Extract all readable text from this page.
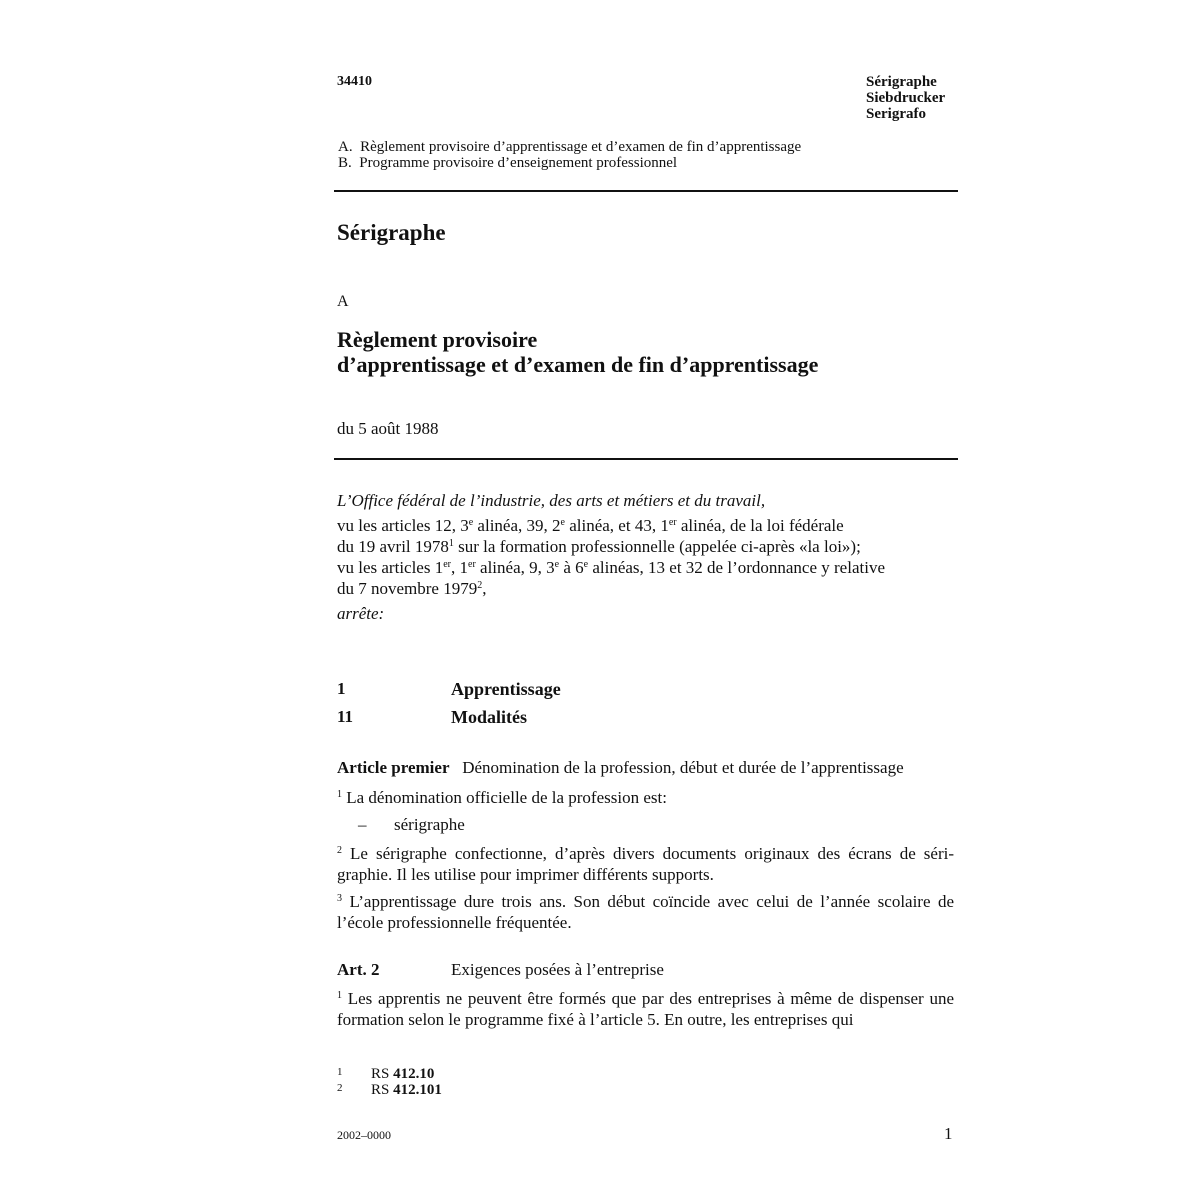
34410	Sérigraphe
Siebdrucker
Serigrafo
A.  Règlement provisoire d’apprentissage et d’examen de fin d’apprentissage
B.  Programme provisoire d’enseignement professionnel
Sérigraphe
A
Règlement provisoire
d’apprentissage et d’examen de fin d’apprentissage
du 5 août 1988

L’Office fédéral de l’industrie, des arts et métiers et du travail,

vu les articles 12, 3e alinéa, 39, 2e alinéa, et 43, 1er alinéa, de la loi fédérale

du 19 avril 1978$^1$ sur la formation professionnelle (appelée ci-après «la loi»);

vu les articles 1er, 1er alinéa, 9, 3e à 6e alinéas, 13 et 32 de l’ordonnance y relative

du 7 novembre 1979$^2$,

arrête:

1	Apprentissage
11	Modalités
Article premier Dénomination de la profession, début et durée de l’apprentissage
$^1$ La dénomination officielle de la profession est:
– sérigraphe
$^2$ Le sérigraphe confectionne, d’après divers documents originaux des écrans de séri-graphie. Il les utilise pour imprimer différents supports.
$^3$ L’apprentissage dure trois ans. Son début coïncide avec celui de l’année scolaire de l’école professionnelle fréquentée.
Art. 2	Exigences posées à l’entreprise
$^1$ Les apprentis ne peuvent être formés que par des entreprises à même de dispenser une formation selon le programme fixé à l’article 5. En outre, les entreprises qui
1 RS 412.10
2 RS 412.101
2002–0000	1
